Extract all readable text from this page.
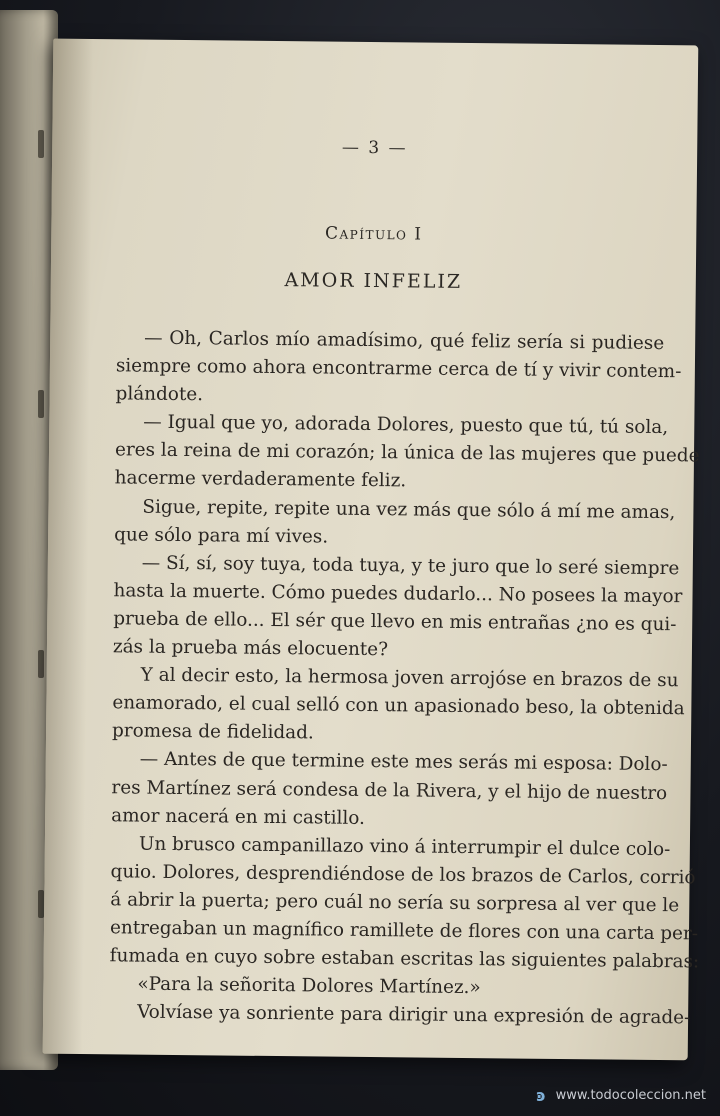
— 3 —
Capítulo I
AMOR INFELIZ

— Oh, Carlos mío amadísimo, qué feliz sería si pudiese
siempre como ahora encontrarme cerca de tí y vivir contem-
plándote.

— Igual que yo, adorada Dolores, puesto que tú, tú sola,
eres la reina de mi corazón; la única de las mujeres que puede
hacerme verdaderamente feliz.

Sigue, repite, repite una vez más que sólo á mí me amas,
que sólo para mí vives.

— Sí, sí, soy tuya, toda tuya, y te juro que lo seré siempre
hasta la muerte. Cómo puedes dudarlo... No posees la mayor
prueba de ello... El sér que llevo en mis entrañas ¿no es qui-
zás la prueba más elocuente?

Y al decir esto, la hermosa joven arrojóse en brazos de su
enamorado, el cual selló con un apasionado beso, la obtenida
promesa de fidelidad.

— Antes de que termine este mes serás mi esposa: Dolo-
res Martínez será condesa de la Rivera, y el hijo de nuestro
amor nacerá en mi castillo.

Un brusco campanillazo vino á interrumpir el dulce colo-
quio. Dolores, desprendiéndose de los brazos de Carlos, corrió
á abrir la puerta; pero cuál no sería su sorpresa al ver que le
entregaban un magnífico ramillete de flores con una carta per-
fumada en cuyo sobre estaban escritas las siguientes palabras:

«Para la señorita Dolores Martínez.»

Volvíase ya sonriente para dirigir una expresión de agrade-

ꜿ www.todocoleccion.net
